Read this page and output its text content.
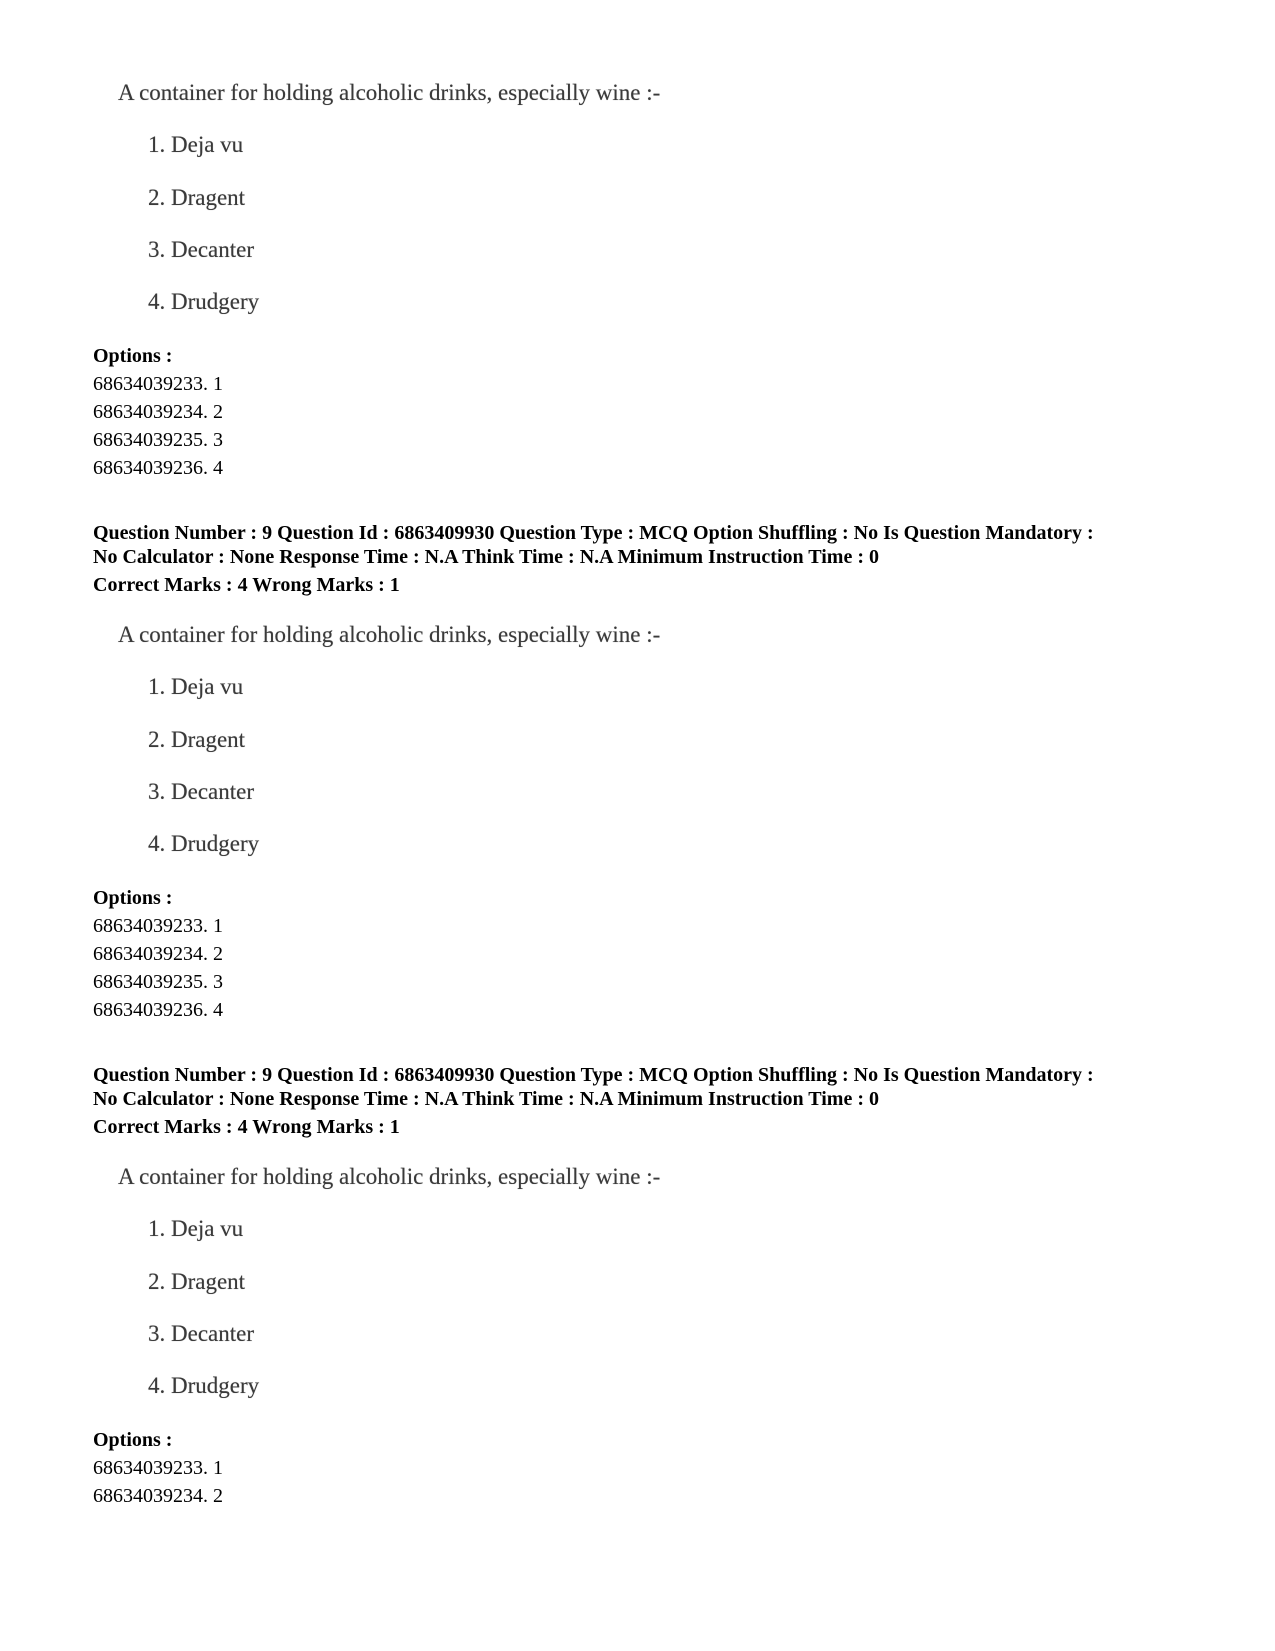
A container for holding alcoholic drinks, especially wine :-
1. Deja vu
2. Dragent
3. Decanter
4. Drudgery
Options :
68634039233. 1
68634039234. 2
68634039235. 3
68634039236. 4
Question Number : 9 Question Id : 6863409930 Question Type : MCQ Option Shuffling : No Is Question Mandatory :
No Calculator : None Response Time : N.A Think Time : N.A Minimum Instruction Time : 0
Correct Marks : 4 Wrong Marks : 1
A container for holding alcoholic drinks, especially wine :-
1. Deja vu
2. Dragent
3. Decanter
4. Drudgery
Options :
68634039233. 1
68634039234. 2
68634039235. 3
68634039236. 4
Question Number : 9 Question Id : 6863409930 Question Type : MCQ Option Shuffling : No Is Question Mandatory :
No Calculator : None Response Time : N.A Think Time : N.A Minimum Instruction Time : 0
Correct Marks : 4 Wrong Marks : 1
A container for holding alcoholic drinks, especially wine :-
1. Deja vu
2. Dragent
3. Decanter
4. Drudgery
Options :
68634039233. 1
68634039234. 2
